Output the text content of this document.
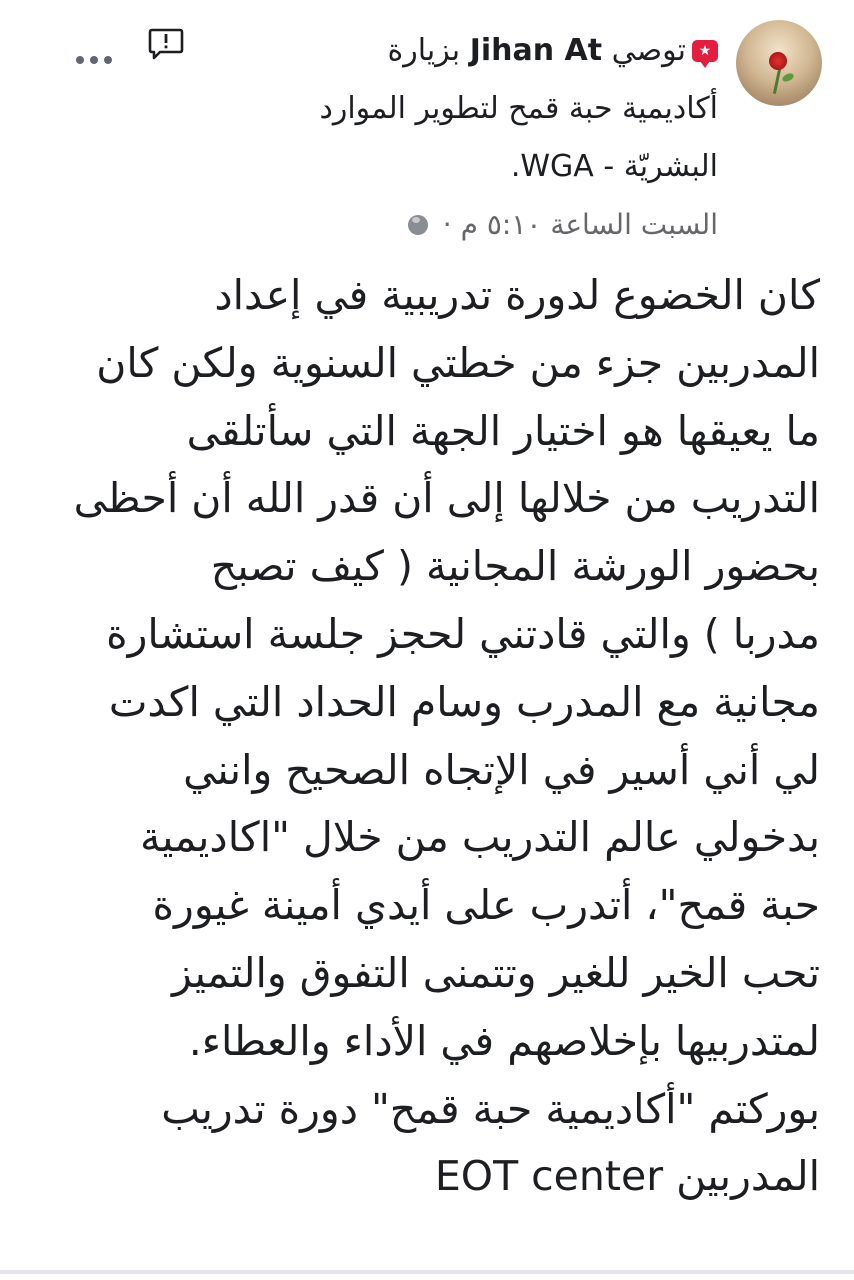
★
توصي Jihan At بزيارة
أكاديمية حبة قمح لتطوير الموارد
البشريّة - WGA.
السبت الساعة ٥:١٠ م ·
كان الخضوع لدورة تدريبية في إعداد
المدربين جزء من خطتي السنوية ولكن كان
ما يعيقها هو اختيار الجهة التي سأتلقى
التدريب من خلالها إلى أن قدر الله أن أحظى
بحضور الورشة المجانية ( كيف تصبح
مدربا ) والتي قادتني لحجز جلسة استشارة
مجانية مع المدرب وسام الحداد التي اكدت
لي أني أسير في الإتجاه الصحيح وانني
بدخولي عالم التدريب من خلال "اكاديمية
حبة قمح"، أتدرب على أيدي أمينة غيورة
تحب الخير للغير وتتمنى التفوق والتميز
لمتدربيها بإخلاصهم في الأداء والعطاء.
بوركتم "أكاديمية حبة قمح" دورة تدريب
المدربين EOT center
